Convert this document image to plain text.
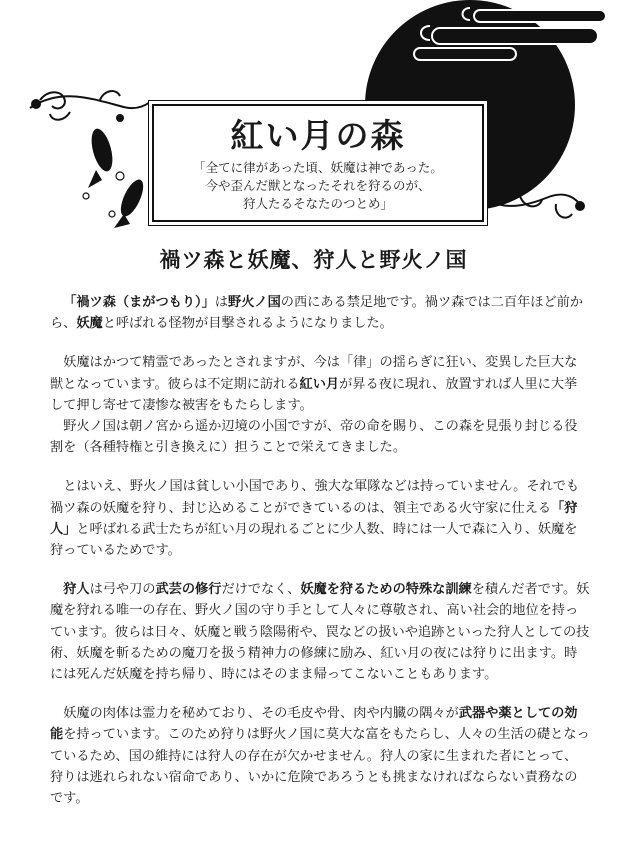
紅い月の森
「全てに律があった頃、妖魔は神であった。
今や歪んだ獣となったそれを狩るのが、
狩人たるそなたのつとめ」
禍ツ森と妖魔、狩人と野火ノ国

「禍ツ森（まがつもり）」は野火ノ国の西にある禁足地です。禍ツ森では二百年ほど前から、妖魔と呼ばれる怪物が目撃されるようになりました。

妖魔はかつて精霊であったとされますが、今は「律」の揺らぎに狂い、変異した巨大な獣となっています。彼らは不定期に訪れる紅い月が昇る夜に現れ、放置すれば人里に大挙して押し寄せて凄惨な被害をもたらします。

野火ノ国は朝ノ宮から遥か辺境の小国ですが、帝の命を賜り、この森を見張り封じる役割を（各種特権と引き換えに）担うことで栄えてきました。

とはいえ、野火ノ国は貧しい小国であり、強大な軍隊などは持っていません。それでも禍ツ森の妖魔を狩り、封じ込めることができているのは、領主である火守家に仕える「狩人」と呼ばれる武士たちが紅い月の現れるごとに少人数、時には一人で森に入り、妖魔を狩っているためです。

狩人は弓や刀の武芸の修行だけでなく、妖魔を狩るための特殊な訓練を積んだ者です。妖魔を狩れる唯一の存在、野火ノ国の守り手として人々に尊敬され、高い社会的地位を持っています。彼らは日々、妖魔と戦う陰陽術や、罠などの扱いや追跡といった狩人としての技術、妖魔を斬るための魔刀を扱う精神力の修練に励み、紅い月の夜には狩りに出ます。時には死んだ妖魔を持ち帰り、時にはそのまま帰ってこないこともあります。

妖魔の肉体は霊力を秘めており、その毛皮や骨、肉や内臓の隅々が武器や薬としての効能を持っています。このため狩りは野火ノ国に莫大な富をもたらし、人々の生活の礎となっているため、国の維持には狩人の存在が欠かせません。狩人の家に生まれた者にとって、狩りは逃れられない宿命であり、いかに危険であろうとも挑まなければならない責務なのです。
